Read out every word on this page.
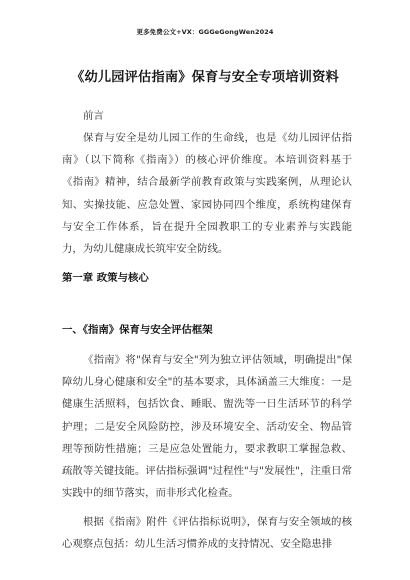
更多免费公文+VX：GGGeGongWen2024
《幼儿园评估指南》保育与安全专项培训资料
前言
保育与安全是幼儿园工作的生命线，也是《幼儿园评估指南》（以下简称《指南》）的核心评价维度。本培训资料基于《指南》精神，结合最新学前教育政策与实践案例，从理论认知、实操技能、应急处置、家园协同四个维度，系统构建保育与安全工作体系，旨在提升全园教职工的专业素养与实践能力，为幼儿健康成长筑牢安全防线。
第一章 政策与核心
一、《指南》保育与安全评估框架
《指南》将"保育与安全"列为独立评估领域，明确提出"保障幼儿身心健康和安全"的基本要求，具体涵盖三大维度：一是健康生活照料，包括饮食、睡眠、盥洗等一日生活环节的科学护理；二是安全风险防控，涉及环境安全、活动安全、物品管理等预防性措施；三是应急处置能力，要求教职工掌握急救、疏散等关键技能。评估指标强调"过程性"与"发展性"，注重日常实践中的细节落实，而非形式化检查。
根据《指南》附件《评估指标说明》，保育与安全领域的核心观察点包括：幼儿生活习惯养成的支持情况、安全隐患排
